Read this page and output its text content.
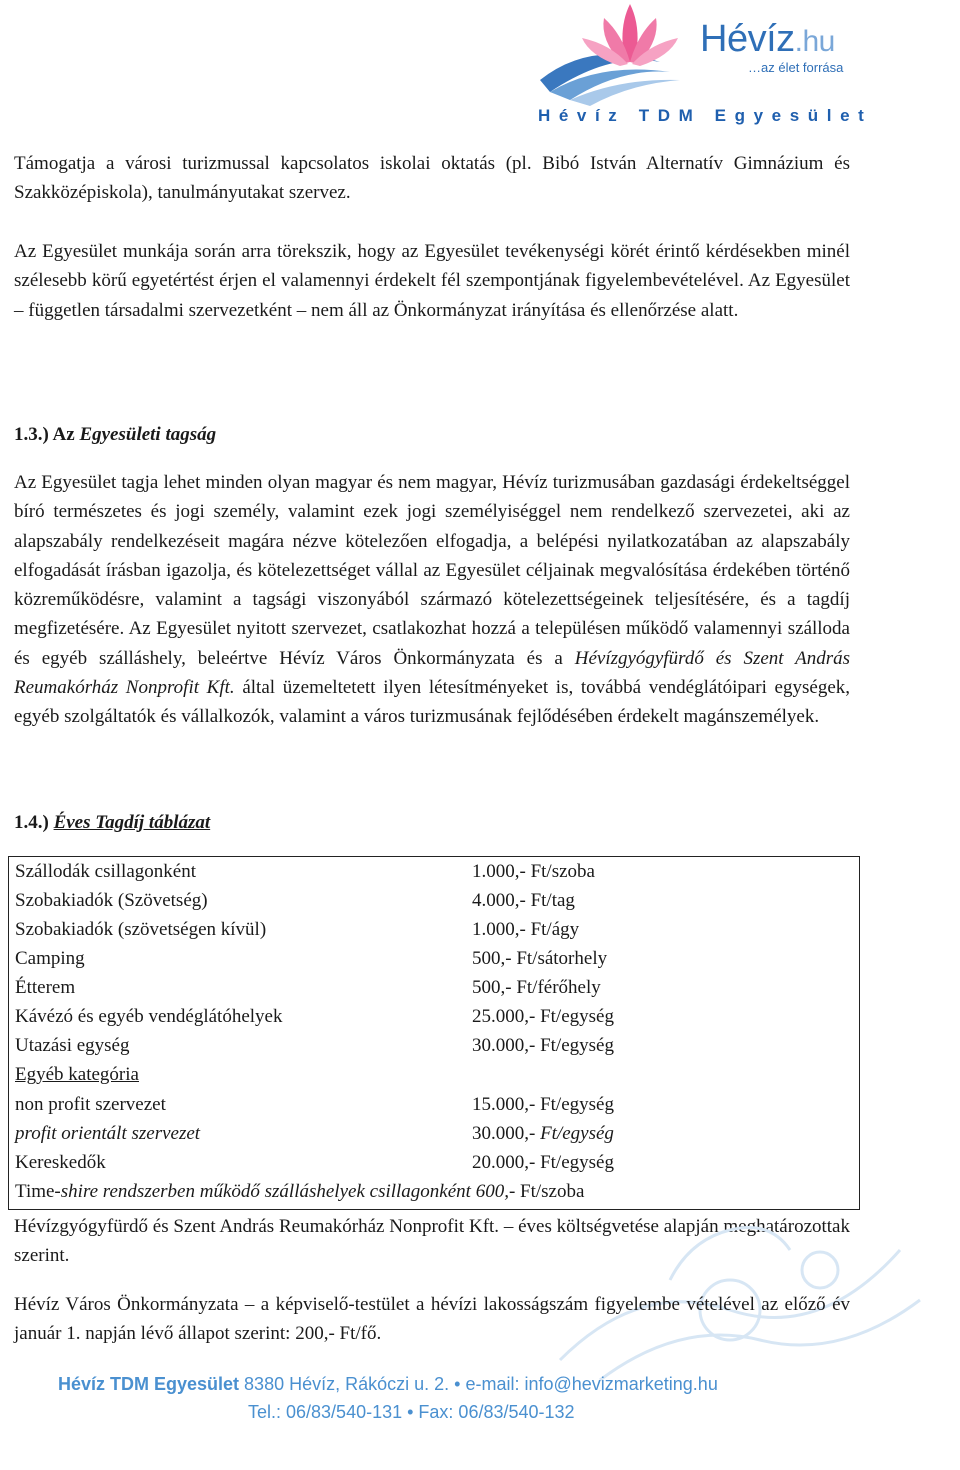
Hévíz.hu
…az élet forrása
Hévíz TDM Egyesület

Támogatja a városi turizmussal kapcsolatos iskolai oktatás (pl. Bibó István Alternatív Gimnázium és Szakközépiskola), tanulmányutakat szervez.

Az Egyesület munkája során arra törekszik, hogy az Egyesület tevékenységi körét érintő kérdésekben minél szélesebb körű egyetértést érjen el valamennyi érdekelt fél szempontjának figyelembevételével. Az Egyesület – független társadalmi szervezetként – nem áll az Önkormányzat irányítása és ellenőrzése alatt.

1.3.) Az Egyesületi tagság

Az Egyesület tagja lehet minden olyan magyar és nem magyar, Hévíz turizmusában gazdasági érdekeltséggel bíró természetes és jogi személy, valamint ezek jogi személyiséggel nem rendelkező szervezetei, aki az alapszabály rendelkezéseit magára nézve kötelezően elfogadja, a belépési nyilatkozatában az alapszabály elfogadását írásban igazolja, és kötelezettséget vállal az Egyesület céljainak megvalósítása érdekében történő közreműködésre, valamint a tagsági viszonyából származó kötelezettségeinek teljesítésére, és a tagdíj megfizetésére. Az Egyesület nyitott szervezet, csatlakozhat hozzá a településen működő valamennyi szálloda és egyéb szálláshely, beleértve Hévíz Város Önkormányzata és a Hévízgyógyfürdő és Szent András Reumakórház Nonprofit Kft. által üzemeltetett ilyen létesítményeket is, továbbá vendéglátóipari egységek, egyéb szolgáltatók és vállalkozók, valamint a város turizmusának fejlődésében érdekelt magánszemélyek.

1.4.) Éves Tagdíj táblázat

Szállodák csillagonként	1.000,- Ft/szoba
Szobakiadók (Szövetség)	4.000,- Ft/tag
Szobakiadók (szövetségen kívül)	1.000,- Ft/ágy
Camping	500,- Ft/sátorhely
Étterem	500,- Ft/férőhely
Kávézó és egyéb vendéglátóhelyek	25.000,- Ft/egység
Utazási egység	30.000,- Ft/egység
Egyéb kategória
non profit szervezet	15.000,- Ft/egység
profit orientált szervezet	30.000,- Ft/egység
Kereskedők	20.000,- Ft/egység
Time-shire rendszerben működő szálláshelyek csillagonként 600,- Ft/szoba

Hévízgyógyfürdő és Szent András Reumakórház Nonprofit Kft. – éves költségvetése alapján meghatározottak szerint.

Hévíz Város Önkormányzata – a képviselő-testület a hévízi lakosságszám figyelembe vételével az előző év január 1. napján lévő állapot szerint: 200,- Ft/fő.

Hévíz TDM Egyesület 8380 Hévíz, Rákóczi u. 2. • e-mail: info@hevizmarketing.hu
Tel.: 06/83/540-131 • Fax: 06/83/540-132
